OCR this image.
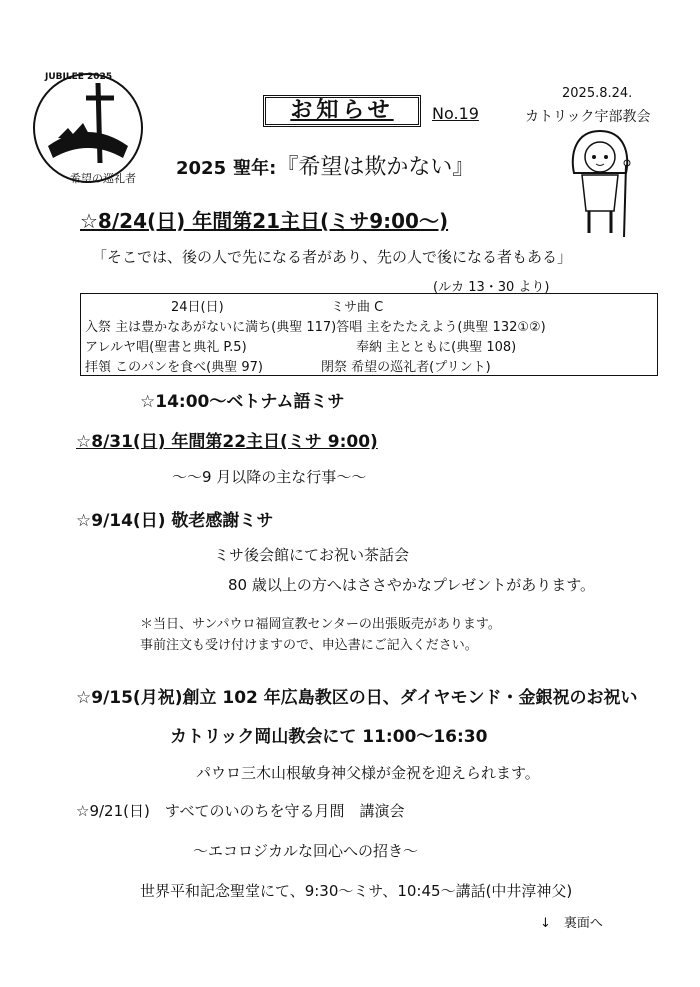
JUBILEE 2025
希望の巡礼者
お知らせ	No.19
2025.8.24.
カトリック宇部教会
2025 聖年:『希望は欺かない』
☆8/24(日) 年間第21主日(ミサ9:00〜)
「そこでは、後の人で先になる者があり、先の人で後になる者もある」
(ルカ 13・30 より)
24日(日)	ミサ曲 C
入祭 主は豊かなあがないに満ち(典聖 117)答唱 主をたたえよう(典聖 132①②)
アレルヤ唱(聖書と典礼 P.5)	奉納 主とともに(典聖 108)
拝領 このパンを食べ(典聖 97)	閉祭 希望の巡礼者(プリント)
☆14:00〜ベトナム語ミサ
☆8/31(日) 年間第22主日(ミサ 9:00)
〜〜9 月以降の主な行事〜〜
☆9/14(日) 敬老感謝ミサ
ミサ後会館にてお祝い茶話会
80 歳以上の方へはささやかなプレゼントがあります。
＊当日、サンパウロ福岡宣教センターの出張販売があります。
事前注文も受け付けますので、申込書にご記入ください。
☆9/15(月祝)創立 102 年広島教区の日、ダイヤモンド・金銀祝のお祝い
カトリック岡山教会にて 11:00〜16:30
パウロ三木山根敏身神父様が金祝を迎えられます。
☆9/21(日)　すべてのいのちを守る月間　講演会
〜エコロジカルな回心への招き〜
世界平和記念聖堂にて、9:30〜ミサ、10:45〜講話(中井淳神父)
↓　裏面へ
